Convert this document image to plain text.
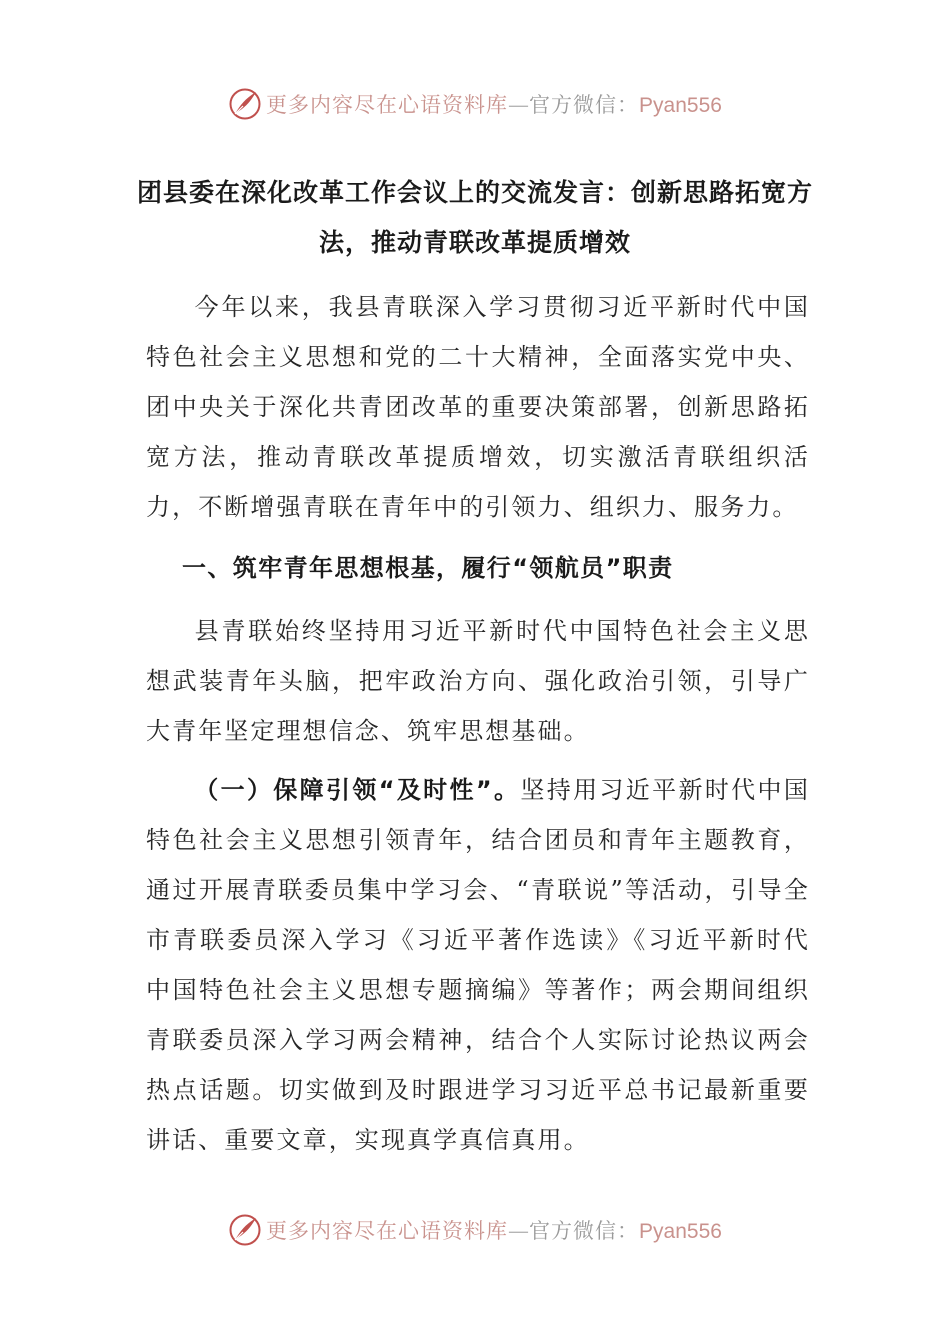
更多内容尽在心语资料库—官方微信：Pyan556
团县委在深化改革工作会议上的交流发言：创新思路拓宽方法，推动青联改革提质增效
今年以来，我县青联深入学习贯彻习近平新时代中国特色社会主义思想和党的二十大精神，全面落实党中央、团中央关于深化共青团改革的重要决策部署，创新思路拓宽方法，推动青联改革提质增效，切实激活青联组织活力，不断增强青联在青年中的引领力、组织力、服务力。
一、筑牢青年思想根基，履行“领航员”职责
县青联始终坚持用习近平新时代中国特色社会主义思想武装青年头脑，把牢政治方向、强化政治引领，引导广大青年坚定理想信念、筑牢思想基础。
（一）保障引领“及时性”。坚持用习近平新时代中国特色社会主义思想引领青年，结合团员和青年主题教育，通过开展青联委员集中学习会、“青联说”等活动，引导全市青联委员深入学习《习近平著作选读》《习近平新时代中国特色社会主义思想专题摘编》等著作；两会期间组织青联委员深入学习两会精神，结合个人实际讨论热议两会热点话题。切实做到及时跟进学习习近平总书记最新重要讲话、重要文章，实现真学真信真用。
更多内容尽在心语资料库—官方微信：Pyan556
